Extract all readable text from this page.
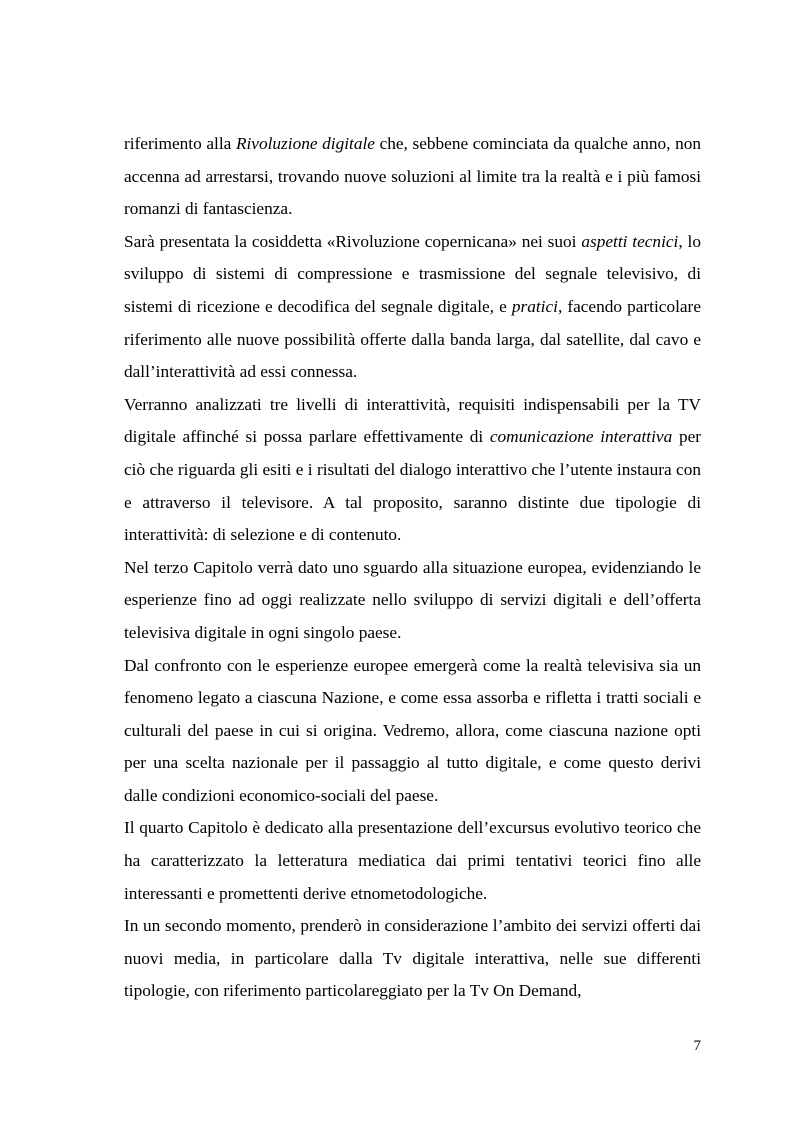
riferimento alla Rivoluzione digitale che, sebbene cominciata da qualche anno, non accenna ad arrestarsi, trovando nuove soluzioni al limite tra la realtà e i più famosi romanzi di fantascienza.

Sarà presentata la cosiddetta «Rivoluzione copernicana» nei suoi aspetti tecnici, lo sviluppo di sistemi di compressione e trasmissione del segnale televisivo, di sistemi di ricezione e decodifica del segnale digitale, e pratici, facendo particolare riferimento alle nuove possibilità offerte dalla banda larga, dal satellite, dal cavo e dall’interattività ad essi connessa.

Verranno analizzati tre livelli di interattività, requisiti indispensabili per la TV digitale affinché si possa parlare effettivamente di comunicazione interattiva per ciò che riguarda gli esiti e i risultati del dialogo interattivo che l’utente instaura con e attraverso il televisore. A tal proposito, saranno distinte due tipologie di interattività: di selezione e di contenuto.

Nel terzo Capitolo verrà dato uno sguardo alla situazione europea, evidenziando le esperienze fino ad oggi realizzate nello sviluppo di servizi digitali e dell’offerta televisiva digitale in ogni singolo paese.

Dal confronto con le esperienze europee emergerà come la realtà televisiva sia un fenomeno legato a ciascuna Nazione, e come essa assorba e rifletta i tratti sociali e culturali del paese in cui si origina. Vedremo, allora, come ciascuna nazione opti per una scelta nazionale per il passaggio al tutto digitale, e come questo derivi dalle condizioni economico-sociali del paese.

Il quarto Capitolo è dedicato alla presentazione dell’excursus evolutivo teorico che ha caratterizzato la letteratura mediatica dai primi tentativi teorici fino alle interessanti e promettenti derive etnometodologiche.

In un secondo momento, prenderò in considerazione l’ambito dei servizi offerti dai nuovi media, in particolare dalla Tv digitale interattiva, nelle sue differenti tipologie, con riferimento particolareggiato per la Tv On Demand,

7
